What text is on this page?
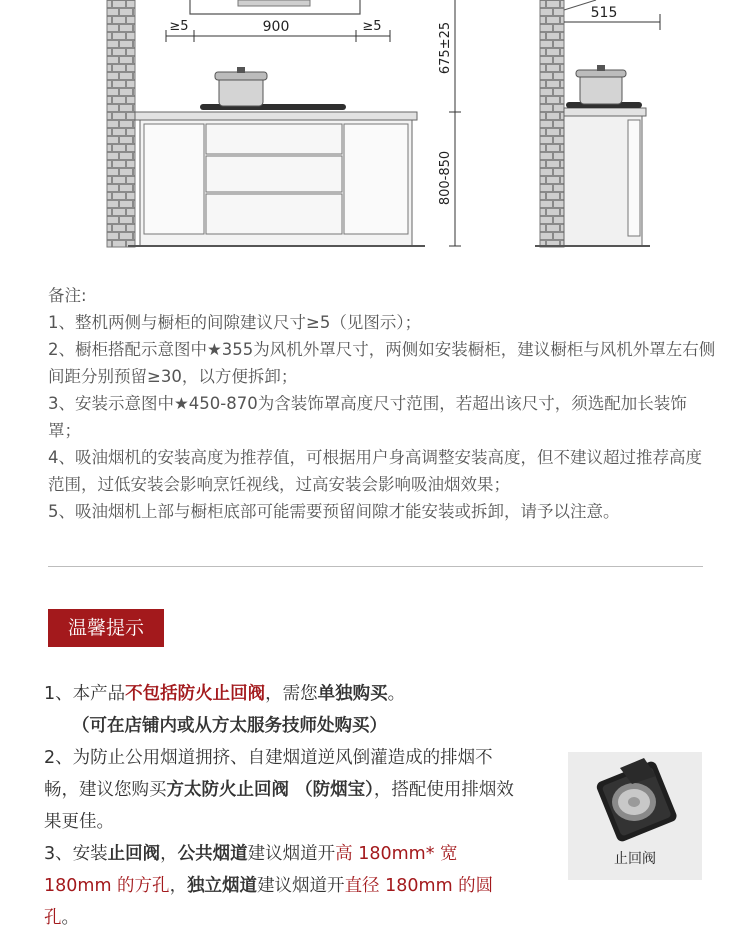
≥5	900	≥5	675±25
800-850
515

备注:

1、整机两侧与橱柜的间隙建议尺寸≥5（见图示）；

2、橱柜搭配示意图中★355为风机外罩尺寸，两侧如安装橱柜，建议橱柜与风机外罩左右侧间距分别预留≥30，以方便拆卸；

3、安装示意图中★450-870为含装饰罩高度尺寸范围，若超出该尺寸，须选配加长装饰罩；

4、吸油烟机的安装高度为推荐值，可根据用户身高调整安装高度，但不建议超过推荐高度范围，过低安装会影响烹饪视线，过高安装会影响吸油烟效果；

5、吸油烟机上部与橱柜底部可能需要预留间隙才能安装或拆卸，请予以注意。

温馨提示

1、本产品不包括防火止回阀，需您单独购买。

（可在店铺内或从方太服务技师处购买）

2、为防止公用烟道拥挤、自建烟道逆风倒灌造成的排烟不畅，建议您购买方太防火止回阀 （防烟宝），搭配使用排烟效果更佳。

3、安装止回阀，公共烟道建议烟道开高 180mm* 宽 180mm 的方孔，独立烟道建议烟道开直径 180mm 的圆孔。

止回阀
